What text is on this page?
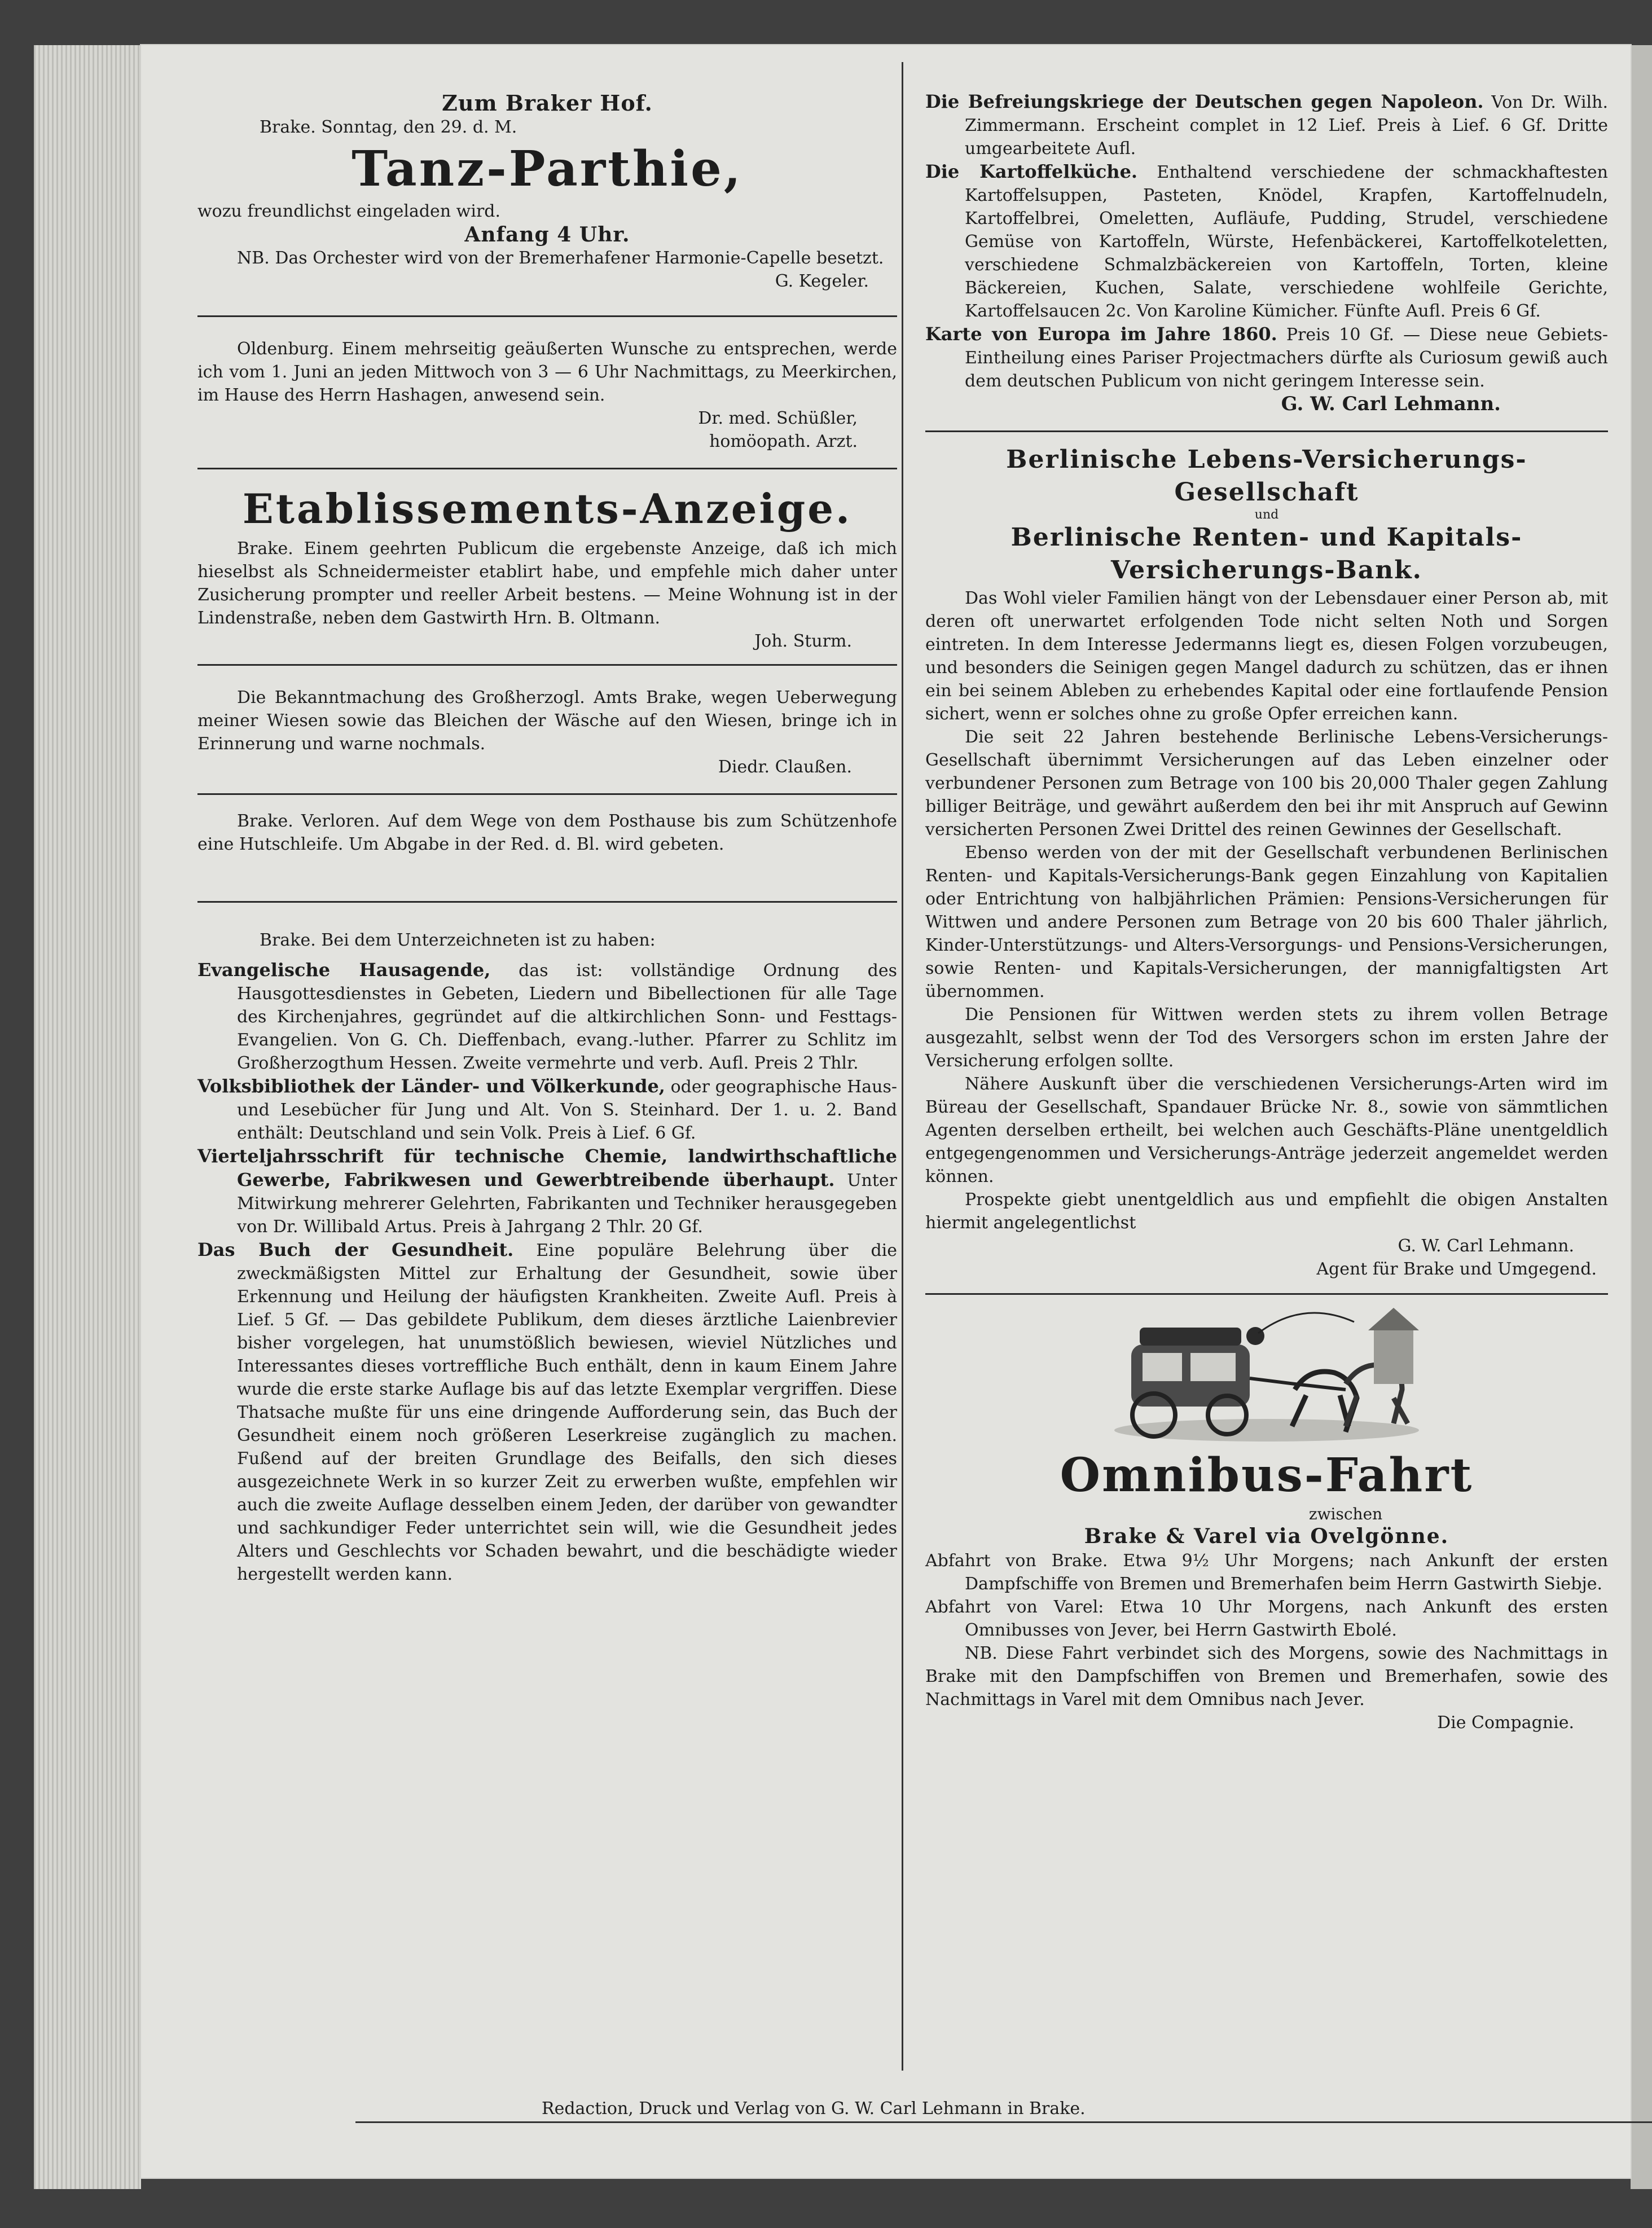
Zum Braker Hof.

Brake. Sonntag, den 29. d. M.

Tanz-Parthie,

wozu freundlichst eingeladen wird.

Anfang 4 Uhr.

NB. Das Orchester wird von der Bremerhafener Harmonie-Capelle besetzt.

G. Kegeler.

Oldenburg. Einem mehrseitig geäußerten Wunsche zu entsprechen, werde ich vom 1. Juni an jeden Mittwoch von 3 — 6 Uhr Nachmittags, zu Meerkirchen, im Hause des Herrn Hashagen, anwesend sein.

Dr. med. Schüßler,

homöopath. Arzt.

Etablissements-Anzeige.

Brake. Einem geehrten Publicum die ergebenste Anzeige, daß ich mich hieselbst als Schneidermeister etablirt habe, und empfehle mich daher unter Zusicherung prompter und reeller Arbeit bestens. — Meine Wohnung ist in der Lindenstraße, neben dem Gastwirth Hrn. B. Oltmann.

Joh. Sturm.

Die Bekanntmachung des Großherzogl. Amts Brake, wegen Ueberwegung meiner Wiesen sowie das Bleichen der Wäsche auf den Wiesen, bringe ich in Erinnerung und warne nochmals.

Diedr. Claußen.

Brake. Verloren. Auf dem Wege von dem Posthause bis zum Schützenhofe eine Hutschleife. Um Abgabe in der Red. d. Bl. wird gebeten.

Brake. Bei dem Unterzeichneten ist zu haben:

Evangelische Hausagende, das ist: vollständige Ordnung des Hausgottesdienstes in Gebeten, Liedern und Bibellectionen für alle Tage des Kirchenjahres, gegründet auf die altkirchlichen Sonn- und Festtags-Evangelien. Von G. Ch. Dieffenbach, evang.-luther. Pfarrer zu Schlitz im Großherzogthum Hessen. Zweite vermehrte und verb. Aufl. Preis 2 Thlr.

Volksbibliothek der Länder- und Völkerkunde, oder geographische Haus- und Lesebücher für Jung und Alt. Von S. Steinhard. Der 1. u. 2. Band enthält: Deutschland und sein Volk. Preis à Lief. 6 Gf.

Vierteljahrsschrift für technische Chemie, landwirthschaftliche Gewerbe, Fabrikwesen und Gewerbtreibende überhaupt. Unter Mitwirkung mehrerer Gelehrten, Fabrikanten und Techniker herausgegeben von Dr. Willibald Artus. Preis à Jahrgang 2 Thlr. 20 Gf.

Das Buch der Gesundheit. Eine populäre Belehrung über die zweckmäßigsten Mittel zur Erhaltung der Gesundheit, sowie über Erkennung und Heilung der häufigsten Krankheiten. Zweite Aufl. Preis à Lief. 5 Gf. — Das gebildete Publikum, dem dieses ärztliche Laienbrevier bisher vorgelegen, hat unumstößlich bewiesen, wieviel Nützliches und Interessantes dieses vortreffliche Buch enthält, denn in kaum Einem Jahre wurde die erste starke Auflage bis auf das letzte Exemplar vergriffen. Diese Thatsache mußte für uns eine dringende Aufforderung sein, das Buch der Gesundheit einem noch größeren Leserkreise zugänglich zu machen. Fußend auf der breiten Grundlage des Beifalls, den sich dieses ausgezeichnete Werk in so kurzer Zeit zu erwerben wußte, empfehlen wir auch die zweite Auflage desselben einem Jeden, der darüber von gewandter und sachkundiger Feder unterrichtet sein will, wie die Gesundheit jedes Alters und Geschlechts vor Schaden bewahrt, und die beschädigte wieder hergestellt werden kann.

Die Befreiungskriege der Deutschen gegen Napoleon. Von Dr. Wilh. Zimmermann. Erscheint complet in 12 Lief. Preis à Lief. 6 Gf. Dritte umgearbeitete Aufl.

Die Kartoffelküche. Enthaltend verschiedene der schmackhaftesten Kartoffelsuppen, Pasteten, Knödel, Krapfen, Kartoffelnudeln, Kartoffelbrei, Omeletten, Aufläufe, Pudding, Strudel, verschiedene Gemüse von Kartoffeln, Würste, Hefenbäckerei, Kartoffelkoteletten, verschiedene Schmalzbäckereien von Kartoffeln, Torten, kleine Bäckereien, Kuchen, Salate, verschiedene wohlfeile Gerichte, Kartoffelsaucen 2c. Von Karoline Kümicher. Fünfte Aufl. Preis 6 Gf.

Karte von Europa im Jahre 1860. Preis 10 Gf. — Diese neue Gebiets-Eintheilung eines Pariser Projectmachers dürfte als Curiosum gewiß auch dem deutschen Publicum von nicht geringem Interesse sein.

G. W. Carl Lehmann.

Berlinische Lebens-Versicherungs-Gesellschaft

und

Berlinische Renten- und Kapitals-Versicherungs-Bank.

Das Wohl vieler Familien hängt von der Lebensdauer einer Person ab, mit deren oft unerwartet erfolgenden Tode nicht selten Noth und Sorgen eintreten. In dem Interesse Jedermanns liegt es, diesen Folgen vorzubeugen, und besonders die Seinigen gegen Mangel dadurch zu schützen, das er ihnen ein bei seinem Ableben zu erhebendes Kapital oder eine fortlaufende Pension sichert, wenn er solches ohne zu große Opfer erreichen kann.

Die seit 22 Jahren bestehende Berlinische Lebens-Versicherungs-Gesellschaft übernimmt Versicherungen auf das Leben einzelner oder verbundener Personen zum Betrage von 100 bis 20,000 Thaler gegen Zahlung billiger Beiträge, und gewährt außerdem den bei ihr mit Anspruch auf Gewinn versicherten Personen Zwei Drittel des reinen Gewinnes der Gesellschaft.

Ebenso werden von der mit der Gesellschaft verbundenen Berlinischen Renten- und Kapitals-Versicherungs-Bank gegen Einzahlung von Kapitalien oder Entrichtung von halbjährlichen Prämien: Pensions-Versicherungen für Wittwen und andere Personen zum Betrage von 20 bis 600 Thaler jährlich, Kinder-Unterstützungs- und Alters-Versorgungs- und Pensions-Versicherungen, sowie Renten- und Kapitals-Versicherungen, der mannigfaltigsten Art übernommen.

Die Pensionen für Wittwen werden stets zu ihrem vollen Betrage ausgezahlt, selbst wenn der Tod des Versorgers schon im ersten Jahre der Versicherung erfolgen sollte.

Nähere Auskunft über die verschiedenen Versicherungs-Arten wird im Büreau der Gesellschaft, Spandauer Brücke Nr. 8., sowie von sämmtlichen Agenten derselben ertheilt, bei welchen auch Geschäfts-Pläne unentgeldlich entgegengenommen und Versicherungs-Anträge jederzeit angemeldet werden können.

Prospekte giebt unentgeldlich aus und empfiehlt die obigen Anstalten hiermit angelegentlichst

G. W. Carl Lehmann.

Agent für Brake und Umgegend.

Omnibus-Fahrt

zwischen

Brake & Varel via Ovelgönne.

Abfahrt von Brake. Etwa 9½ Uhr Morgens; nach Ankunft der ersten Dampfschiffe von Bremen und Bremerhafen beim Herrn Gastwirth Siebje.

Abfahrt von Varel: Etwa 10 Uhr Morgens, nach Ankunft des ersten Omnibusses von Jever, bei Herrn Gastwirth Ebolé.

NB. Diese Fahrt verbindet sich des Morgens, sowie des Nachmittags in Brake mit den Dampfschiffen von Bremen und Bremerhafen, sowie des Nachmittags in Varel mit dem Omnibus nach Jever.

Die Compagnie.

Redaction, Druck und Verlag von G. W. Carl Lehmann in Brake.
